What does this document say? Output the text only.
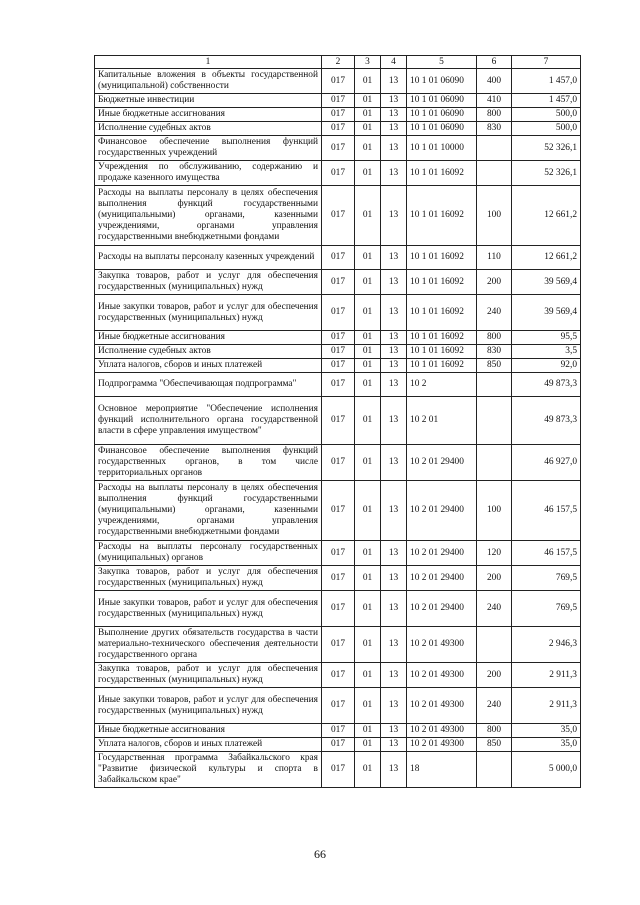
1	2	3	4	5	6	7
Капитальные вложения в объекты государственной (муниципальной) собственности	017	01	13	10 1 01 06090	400	1 457,0
Бюджетные инвестиции	017	01	13	10 1 01 06090	410	1 457,0
Иные бюджетные ассигнования	017	01	13	10 1 01 06090	800	500,0
Исполнение судебных актов	017	01	13	10 1 01 06090	830	500,0
Финансовое обеспечение выполнения функций государственных учреждений	017	01	13	10 1 01 10000		52 326,1
Учреждения по обслуживанию, содержанию и продаже казенного имущества	017	01	13	10 1 01 16092		52 326,1
Расходы на выплаты персоналу в целях обеспечения выполнения функций государственными (муниципальными) органами, казенными учреждениями, органами управления государственными внебюджетными фондами	017	01	13	10 1 01 16092	100	12 661,2
Расходы на выплаты персоналу казенных учреждений	017	01	13	10 1 01 16092	110	12 661,2
Закупка товаров, работ и услуг для обеспечения государственных (муниципальных) нужд	017	01	13	10 1 01 16092	200	39 569,4
Иные закупки товаров, работ и услуг для обеспечения государственных (муниципальных) нужд	017	01	13	10 1 01 16092	240	39 569,4
Иные бюджетные ассигнования	017	01	13	10 1 01 16092	800	95,5
Исполнение судебных актов	017	01	13	10 1 01 16092	830	3,5
Уплата налогов, сборов и иных платежей	017	01	13	10 1 01 16092	850	92,0
Подпрограмма "Обеспечивающая подпрограмма"	017	01	13	10 2		49 873,3
Основное мероприятие "Обеспечение исполнения функций исполнительного органа государственной власти в сфере управления имуществом"	017	01	13	10 2 01		49 873,3
Финансовое обеспечение выполнения функций государственных органов, в том числе территориальных органов	017	01	13	10 2 01 29400		46 927,0
Расходы на выплаты персоналу в целях обеспечения выполнения функций государственными (муниципальными) органами, казенными учреждениями, органами управления государственными внебюджетными фондами	017	01	13	10 2 01 29400	100	46 157,5
Расходы на выплаты персоналу государственных (муниципальных) органов	017	01	13	10 2 01 29400	120	46 157,5
Закупка товаров, работ и услуг для обеспечения государственных (муниципальных) нужд	017	01	13	10 2 01 29400	200	769,5
Иные закупки товаров, работ и услуг для обеспечения государственных (муниципальных) нужд	017	01	13	10 2 01 29400	240	769,5
Выполнение других обязательств государства в части материально-технического обеспечения деятельности государственного органа	017	01	13	10 2 01 49300		2 946,3
Закупка товаров, работ и услуг для обеспечения государственных (муниципальных) нужд	017	01	13	10 2 01 49300	200	2 911,3
Иные закупки товаров, работ и услуг для обеспечения государственных (муниципальных) нужд	017	01	13	10 2 01 49300	240	2 911,3
Иные бюджетные ассигнования	017	01	13	10 2 01 49300	800	35,0
Уплата налогов, сборов и иных платежей	017	01	13	10 2 01 49300	850	35,0
Государственная программа Забайкальского края "Развитие физической культуры и спорта в Забайкальском крае"	017	01	13	18		5 000,0
66
